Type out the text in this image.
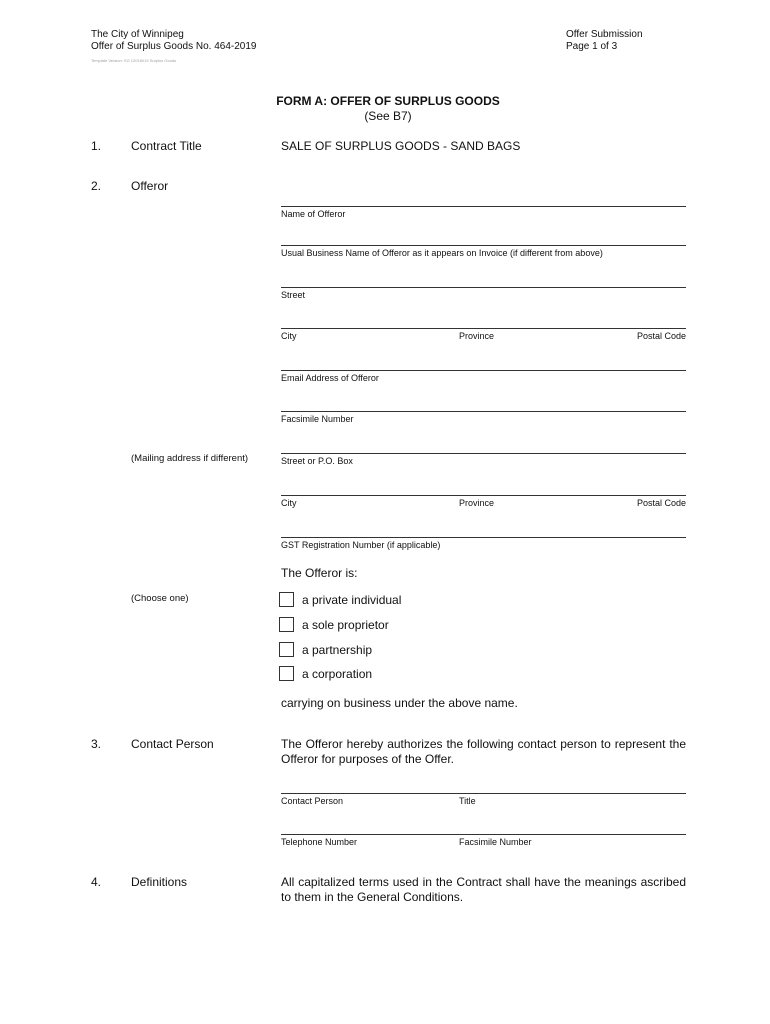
The City of Winnipeg
Offer of Surplus Goods No. 464-2019
Offer Submission
Page 1 of 3
Template Version: SG 12016019 Surplus Goods
FORM A: OFFER OF SURPLUS GOODS
(See B7)
1. Contract Title	SALE OF SURPLUS GOODS - SAND BAGS
2. Offeror
Name of Offeror
Usual Business Name of Offeror as it appears on Invoice (if different from above)
Street
City	Province	Postal Code
Email Address of Offeror
Facsimile Number
(Mailing address if different)	Street or P.O. Box
City	Province	Postal Code
GST Registration Number (if applicable)
The Offeror is:
(Choose one)	a private individual
a sole proprietor
a partnership
a corporation
carrying on business under the above name.
3. Contact Person	The Offeror hereby authorizes the following contact person to represent the Offeror for purposes of the Offer.
Contact Person	Title
Telephone Number	Facsimile Number
4. Definitions	All capitalized terms used in the Contract shall have the meanings ascribed to them in the General Conditions.
